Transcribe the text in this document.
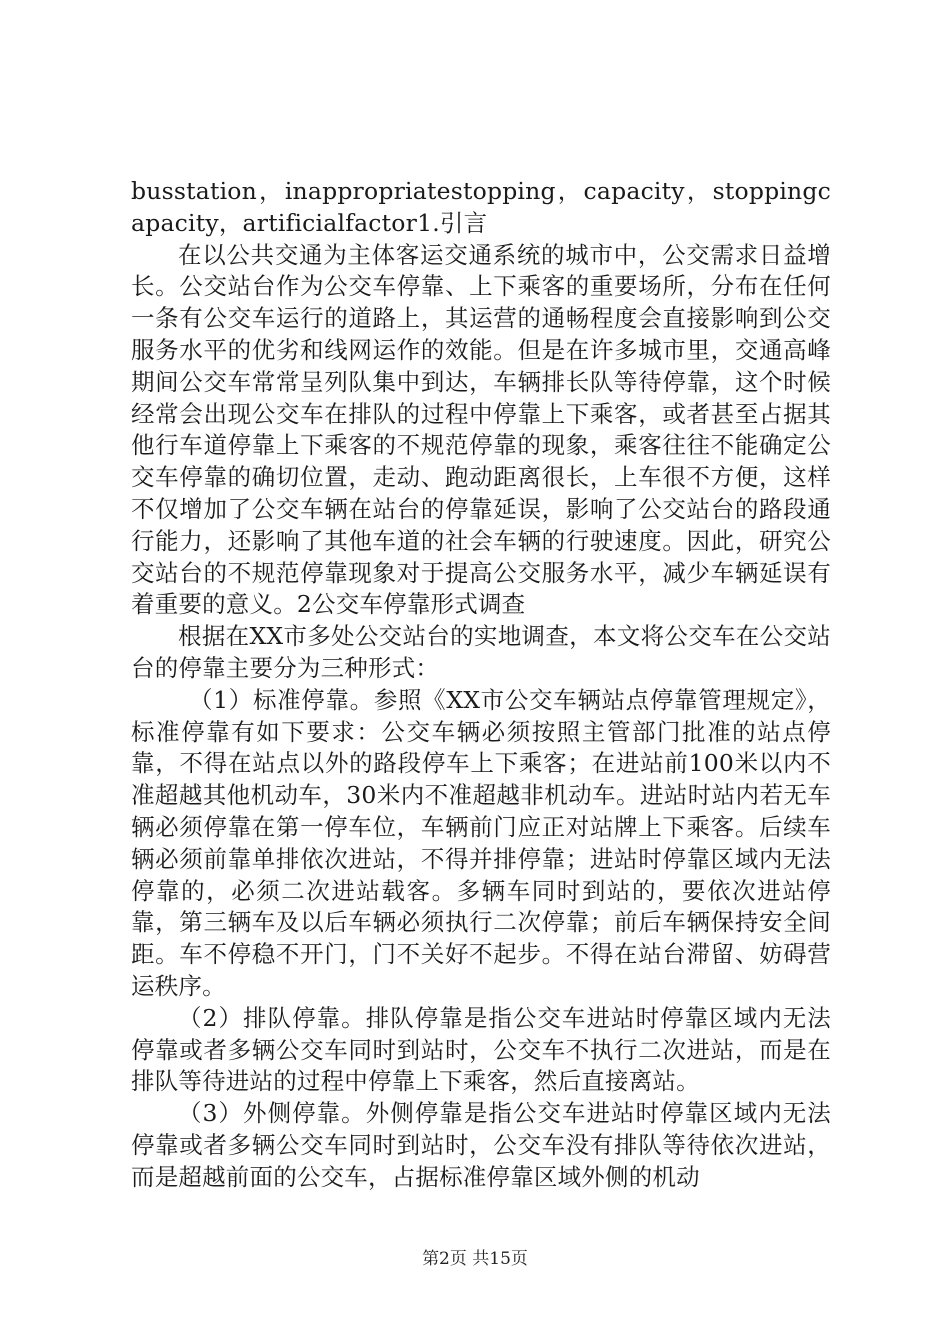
busstation，inappropriatestopping，capacity，stoppingcapacity，artificialfactor1.引言

在以公共交通为主体客运交通系统的城市中，公交需求日益增长。公交站台作为公交车停靠、上下乘客的重要场所，分布在任何一条有公交车运行的道路上，其运营的通畅程度会直接影响到公交服务水平的优劣和线网运作的效能。但是在许多城市里，交通高峰期间公交车常常呈列队集中到达，车辆排长队等待停靠，这个时候经常会出现公交车在排队的过程中停靠上下乘客，或者甚至占据其他行车道停靠上下乘客的不规范停靠的现象，乘客往往不能确定公交车停靠的确切位置，走动、跑动距离很长，上车很不方便，这样不仅增加了公交车辆在站台的停靠延误，影响了公交站台的路段通行能力，还影响了其他车道的社会车辆的行驶速度。因此，研究公交站台的不规范停靠现象对于提高公交服务水平，减少车辆延误有着重要的意义。2公交车停靠形式调查

根据在XX市多处公交站台的实地调查，本文将公交车在公交站台的停靠主要分为三种形式：

（1）标准停靠。参照《XX市公交车辆站点停靠管理规定》，标准停靠有如下要求：公交车辆必须按照主管部门批准的站点停靠，不得在站点以外的路段停车上下乘客；在进站前100米以内不准超越其他机动车，30米内不准超越非机动车。进站时站内若无车辆必须停靠在第一停车位，车辆前门应正对站牌上下乘客。后续车辆必须前靠单排依次进站，不得并排停靠；进站时停靠区域内无法停靠的，必须二次进站载客。多辆车同时到站的，要依次进站停靠，第三辆车及以后车辆必须执行二次停靠；前后车辆保持安全间距。车不停稳不开门，门不关好不起步。不得在站台滞留、妨碍营运秩序。

（2）排队停靠。排队停靠是指公交车进站时停靠区域内无法停靠或者多辆公交车同时到站时，公交车不执行二次进站，而是在排队等待进站的过程中停靠上下乘客，然后直接离站。

（3）外侧停靠。外侧停靠是指公交车进站时停靠区域内无法停靠或者多辆公交车同时到站时，公交车没有排队等待依次进站，而是超越前面的公交车，占据标准停靠区域外侧的机动

第2页 共15页
